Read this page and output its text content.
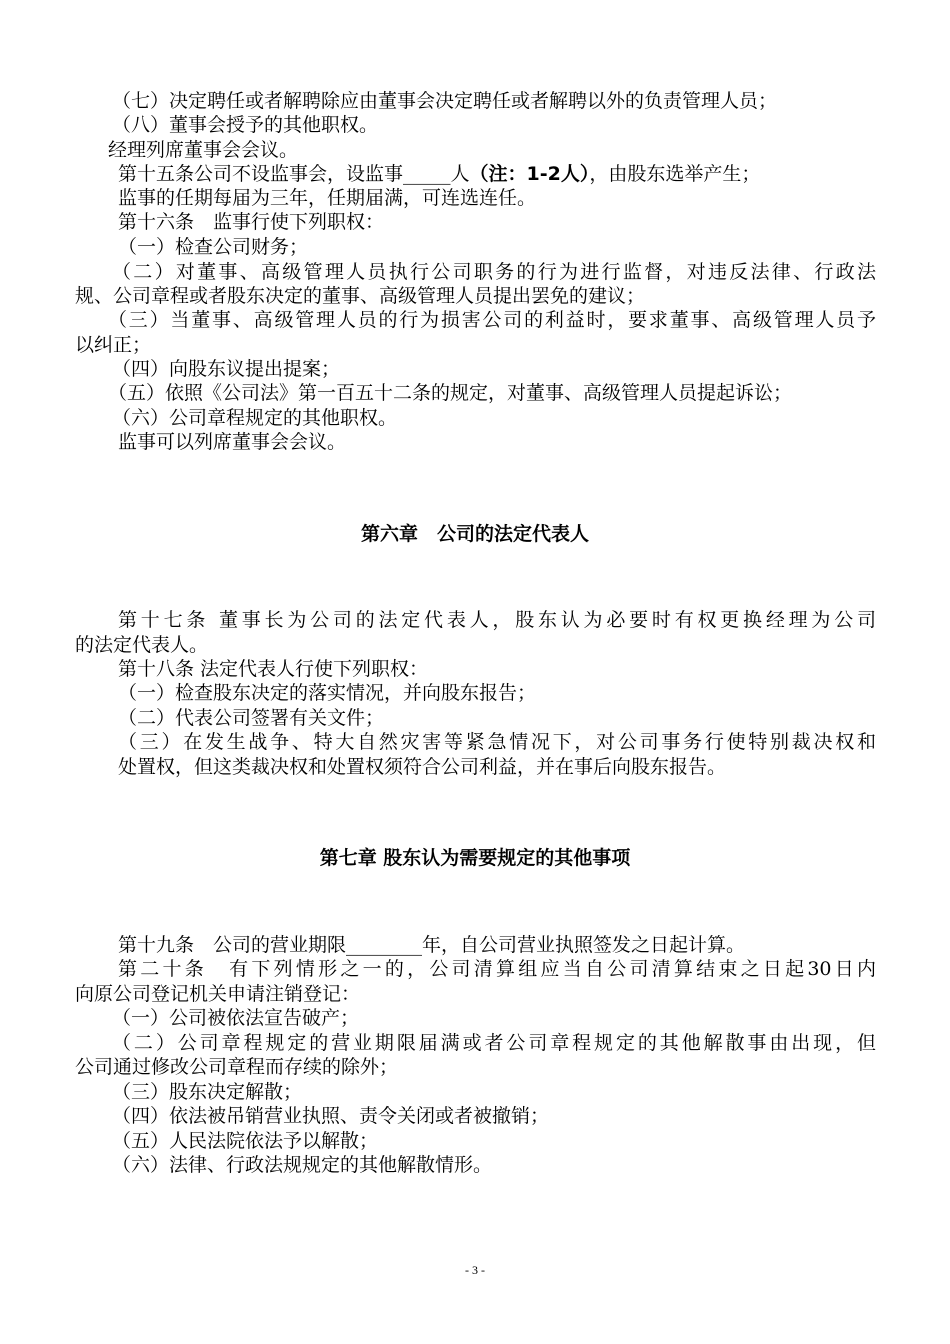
（七）决定聘任或者解聘除应由董事会决定聘任或者解聘以外的负责管理人员；
（八）董事会授予的其他职权。
经理列席董事会会议。
第十五条公司不设监事会，设监事_____人（注：1-2人），由股东选举产生；
监事的任期每届为三年，任期届满，可连选连任。
第十六条　监事行使下列职权：
（一）检查公司财务；
（二）对董事、高级管理人员执行公司职务的行为进行监督，对违反法律、行政法
规、公司章程或者股东决定的董事、高级管理人员提出罢免的建议；
（三）当董事、高级管理人员的行为损害公司的利益时，要求董事、高级管理人员予
以纠正；
（四）向股东议提出提案；
（五）依照《公司法》第一百五十二条的规定，对董事、高级管理人员提起诉讼；
（六）公司章程规定的其他职权。
监事可以列席董事会会议。
第六章　公司的法定代表人
第十七条 董事长为公司的法定代表人，股东认为必要时有权更换经理为公司
的法定代表人。
第十八条 法定代表人行使下列职权：
（一）检查股东决定的落实情况，并向股东报告；
（二）代表公司签署有关文件；
（三）在发生战争、特大自然灾害等紧急情况下，对公司事务行使特别裁决权和
处置权，但这类裁决权和处置权须符合公司利益，并在事后向股东报告。
第七章 股东认为需要规定的其他事项
第十九条　公司的营业期限________年，自公司营业执照签发之日起计算。
第二十条　有下列情形之一的，公司清算组应当自公司清算结束之日起30日内
向原公司登记机关申请注销登记：
（一）公司被依法宣告破产；
（二）公司章程规定的营业期限届满或者公司章程规定的其他解散事由出现，但
公司通过修改公司章程而存续的除外；
（三）股东决定解散；
（四）依法被吊销营业执照、责令关闭或者被撤销；
（五）人民法院依法予以解散；
（六）法律、行政法规规定的其他解散情形。
- 3 -
